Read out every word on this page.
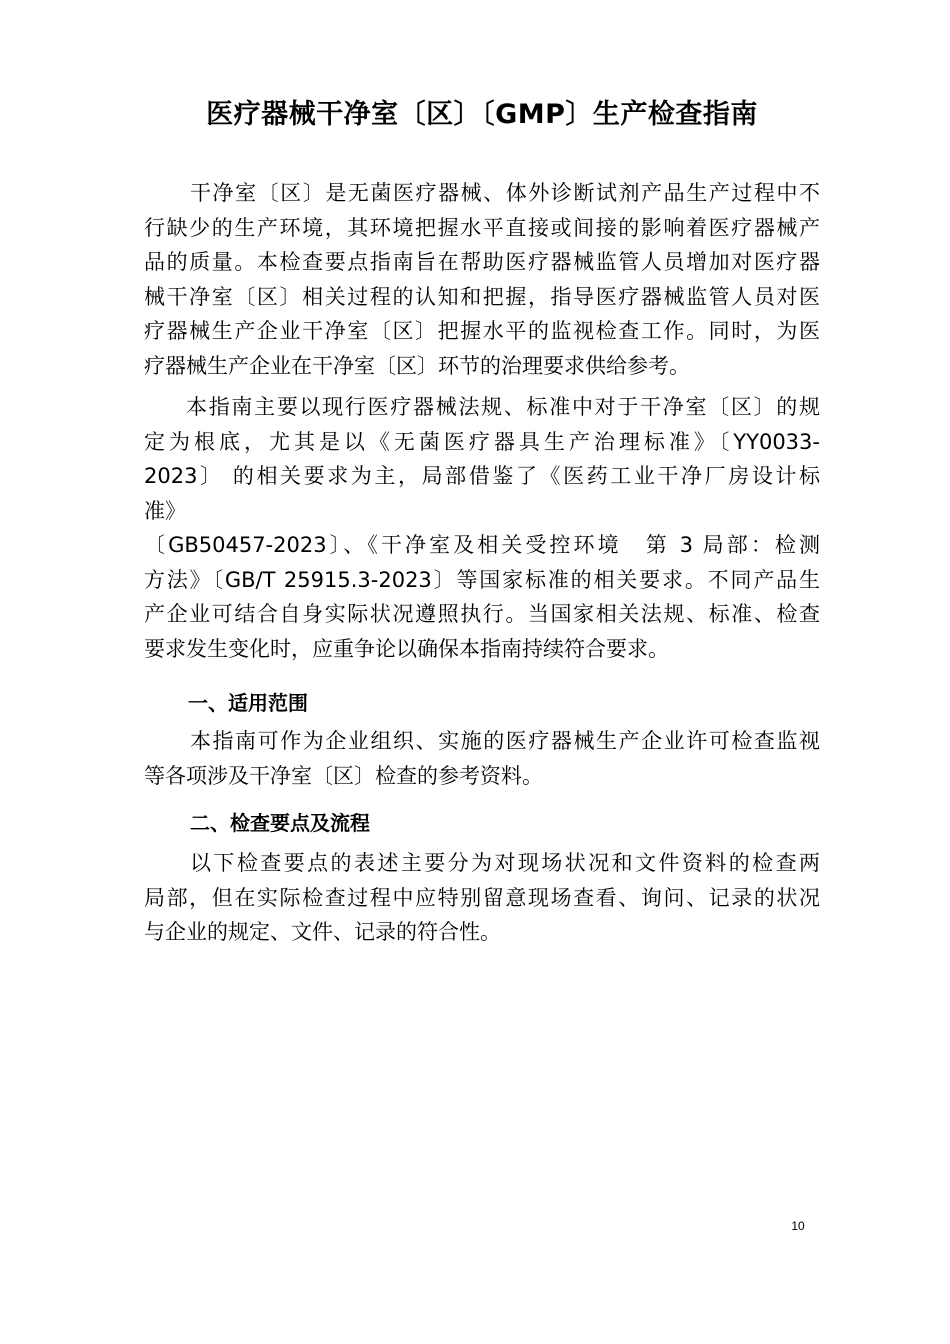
医疗器械干净室〔区〕〔GMP〕生产检查指南
干净室〔区〕是无菌医疗器械、体外诊断试剂产品生产过程中不
行缺少的生产环境，其环境把握水平直接或间接的影响着医疗器械产
品的质量。本检查要点指南旨在帮助医疗器械监管人员增加对医疗器
械干净室〔区〕相关过程的认知和把握，指导医疗器械监管人员对医
疗器械生产企业干净室〔区〕把握水平的监视检查工作。同时，为医
疗器械生产企业在干净室〔区〕环节的治理要求供给参考。
本指南主要以现行医疗器械法规、标准中对于干净室〔区〕的规
定为根底，尤其是以《无菌医疗器具生产治理标准》〔YY0033-
2023〕 的相关要求为主，局部借鉴了《医药工业干净厂房设计标
准》
〔GB50457-2023〕、《干净室及相关受控环境　第 3 局部：检测
方法》〔GB/T 25915.3-2023〕等国家标准的相关要求。不同产品生
产企业可结合自身实际状况遵照执行。当国家相关法规、标准、检查
要求发生变化时，应重争论以确保本指南持续符合要求。
一、适用范围
本指南可作为企业组织、实施的医疗器械生产企业许可检查监视
等各项涉及干净室〔区〕检查的参考资料。
二、检查要点及流程
以下检查要点的表述主要分为对现场状况和文件资料的检查两
局部，但在实际检查过程中应特别留意现场查看、询问、记录的状况
与企业的规定、文件、记录的符合性。
10
